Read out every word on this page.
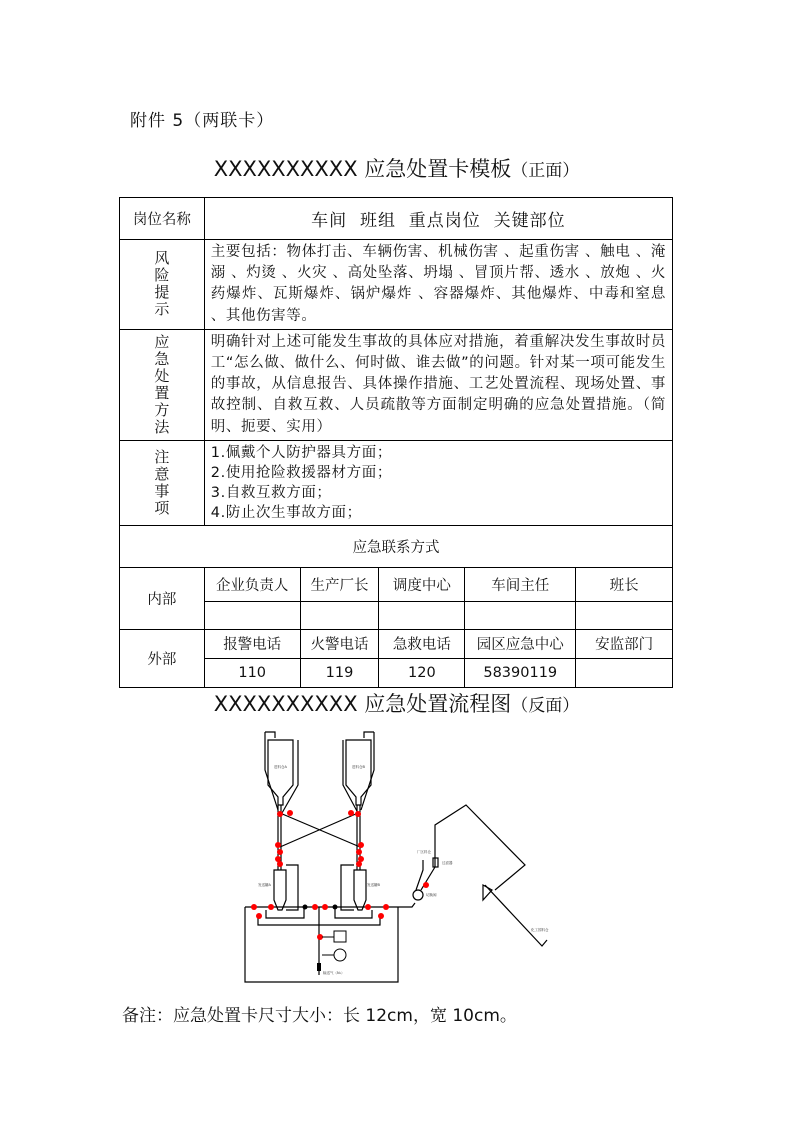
附件 5（两联卡）
XXXXXXXXXX 应急处置卡模板（正面）
岗位名称	车间  班组  重点岗位  关键部位				

风险提示	主要包括：物体打击、车辆伤害、机械伤害 、起重伤害 、触电 、淹溺 、灼烫 、火灾 、高处坠落、坍塌 、冒顶片帮、透水 、放炮 、火药爆炸、瓦斯爆炸、锅炉爆炸 、容器爆炸、其他爆炸、中毒和窒息 、其他伤害等。				

应急处置方法	明确针对上述可能发生事故的具体应对措施，着重解决发生事故时员工“怎么做、做什么、何时做、谁去做”的问题。针对某一项可能发生的事故，从信息报告、具体操作措施、工艺处置流程、现场处置、事故控制、自救互救、人员疏散等方面制定明确的应急处置措施。（简明、扼要、实用）				

注意事项	1.佩戴个人防护器具方面；
2.使用抢险救援器材方面；
3.自救互救方面；
4.防止次生事故方面；				

应急联系方式					
内部	企业负责人	生产厂长	调度中心	车间主任	班长

外部	报警电话	火警电话	急救电话	园区应急中心	安监部门
	110	119	120	58390119	
XXXXXXXXXX 应急处置流程图（反面）
进料仓A	进料仓B
发送罐A	发送罐B
厂区料仓
过滤器
切换阀
化工园料仓
输送气（N₂）
备注：应急处置卡尺寸大小：长 12cm，宽 10cm。
